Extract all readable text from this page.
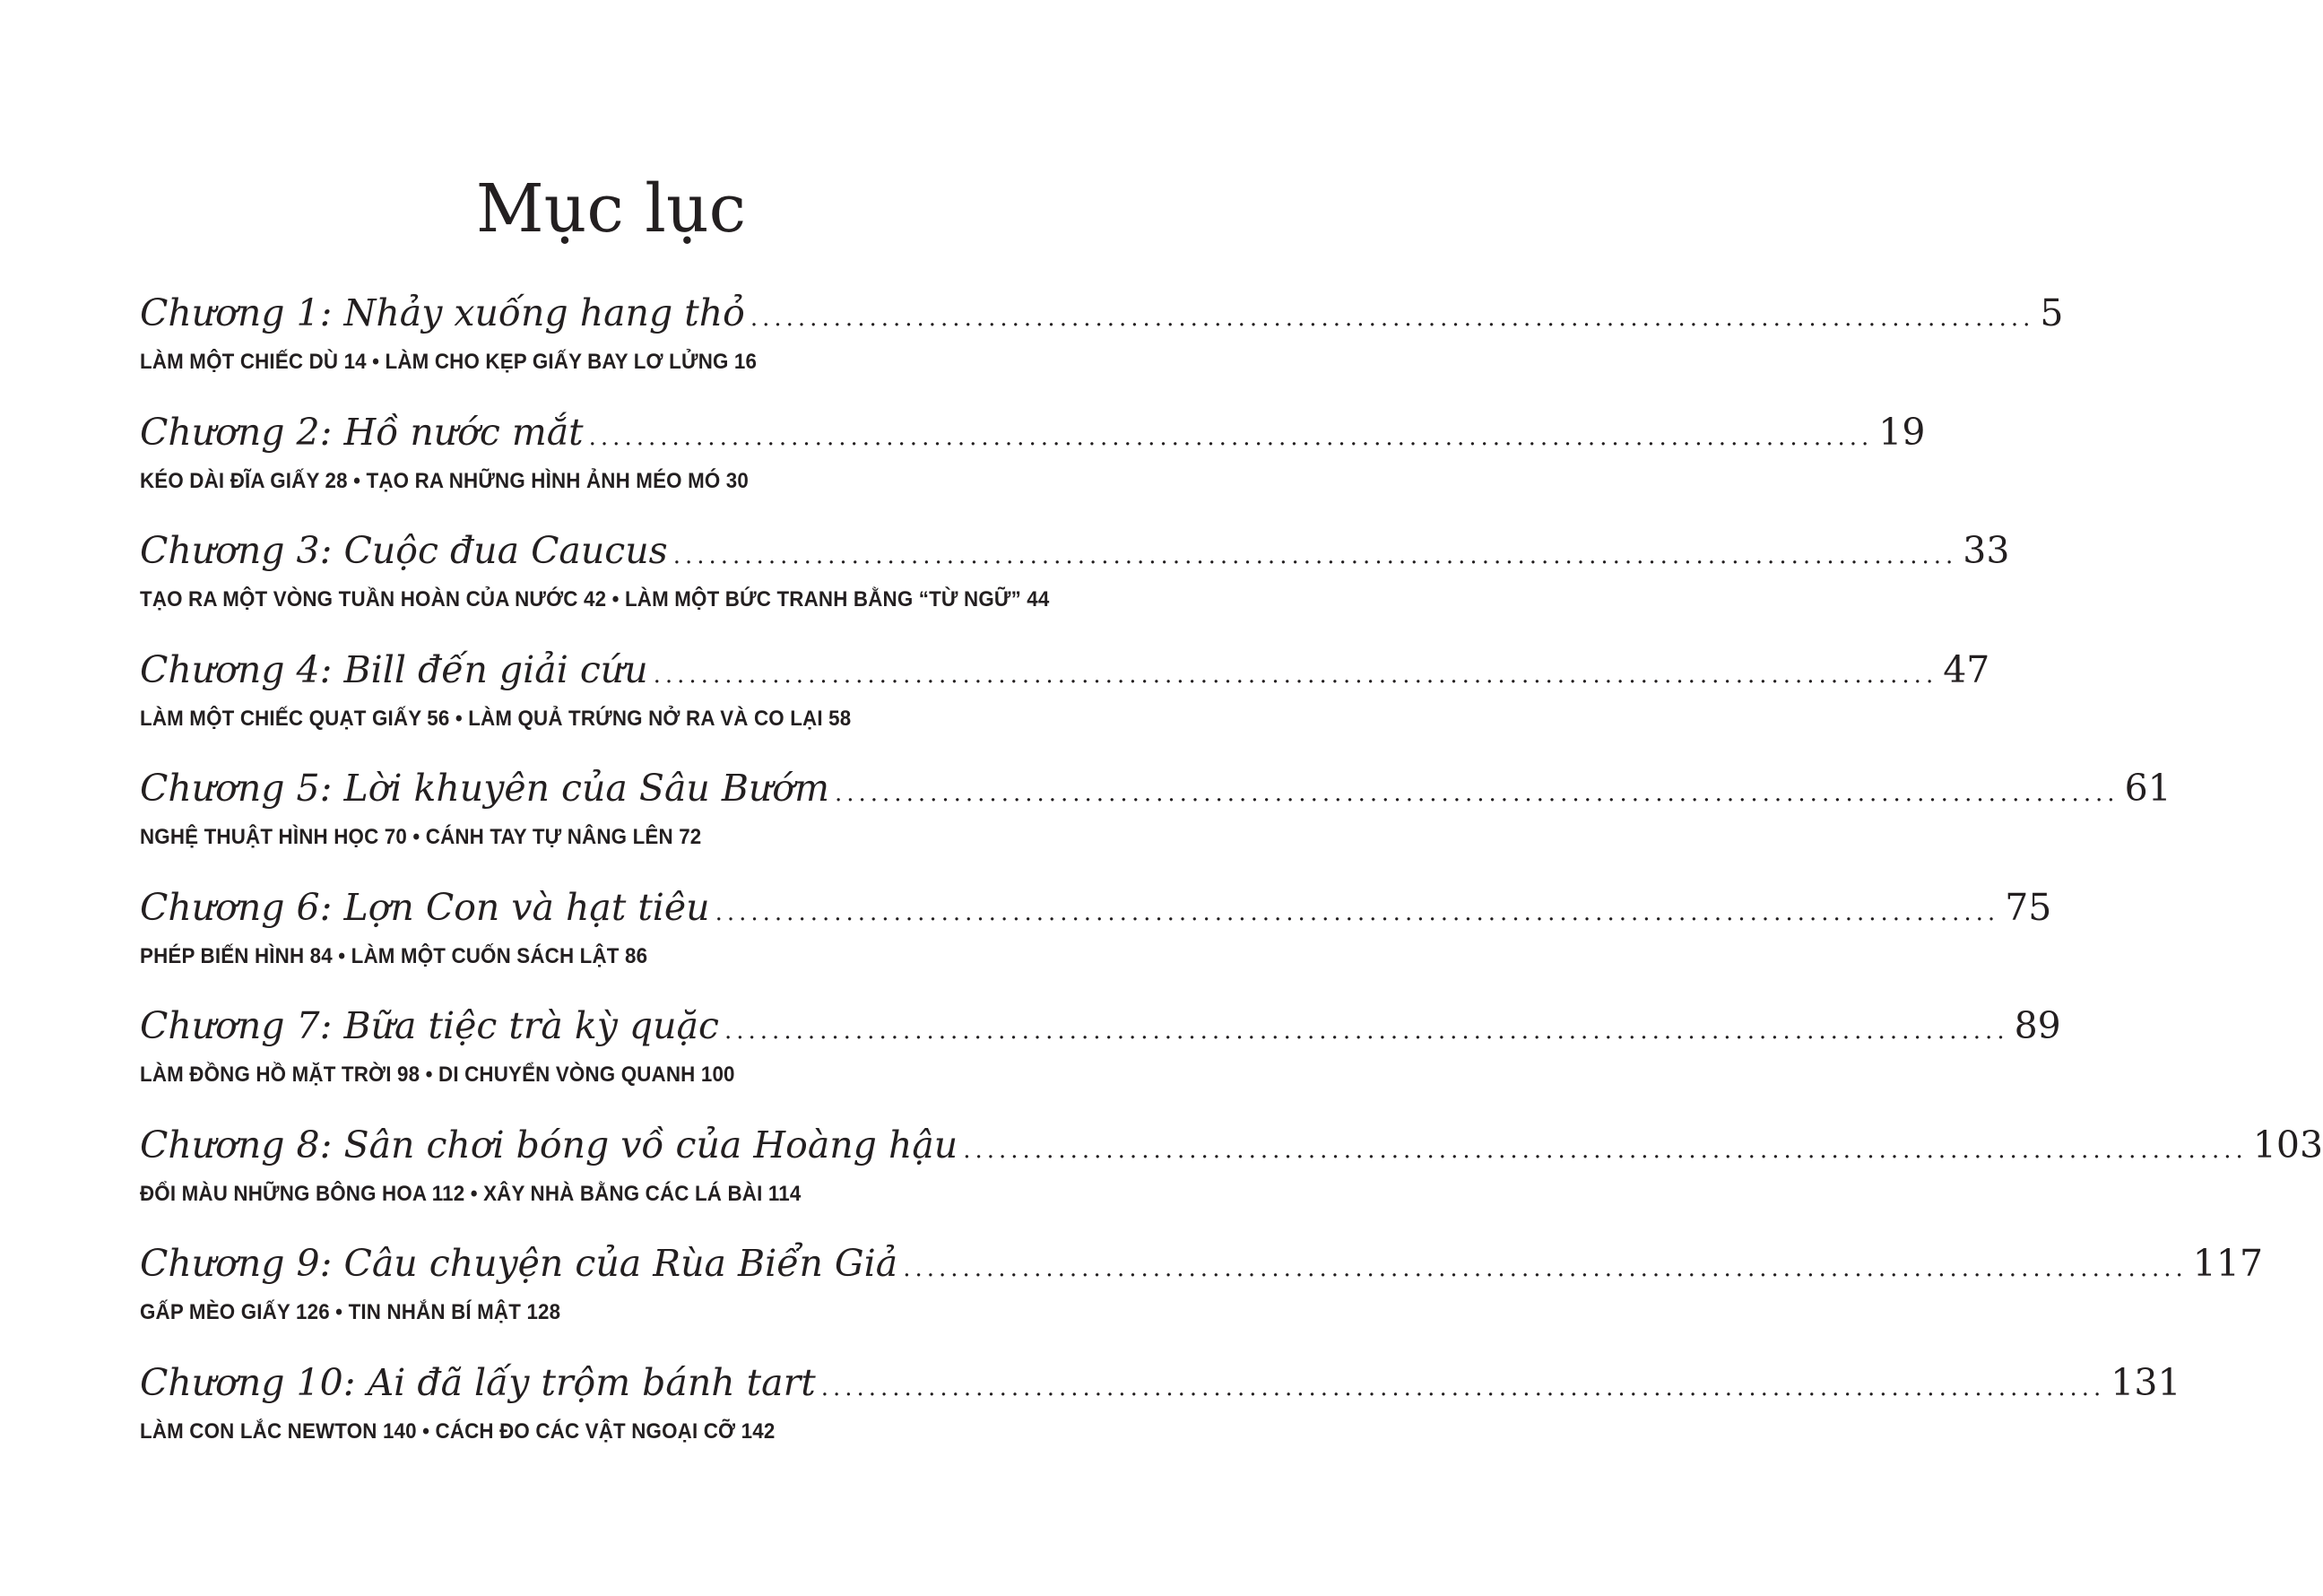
Mục lục
Chương 1: Nhảy xuống hang thỏ ............................................................................................................ 5
LÀM MỘT CHIẾC DÙ 14 • LÀM CHO KẸP GIẤY BAY LƠ LỬNG 16
Chương 2: Hồ nước mắt ............................................................................................................ 19
KÉO DÀI ĐĨA GIẤY 28 • TẠO RA NHỮNG HÌNH ẢNH MÉO MÓ 30
Chương 3: Cuộc đua Caucus ............................................................................................................ 33
TẠO RA MỘT VÒNG TUẦN HOÀN CỦA NƯỚC 42 • LÀM MỘT BỨC TRANH BẰNG “TỪ NGỮ” 44
Chương 4: Bill đến giải cứu ............................................................................................................ 47
LÀM MỘT CHIẾC QUẠT GIẤY 56 • LÀM QUẢ TRỨNG NỞ RA VÀ CO LẠI 58
Chương 5: Lời khuyên của Sâu Bướm ............................................................................................................ 61
NGHỆ THUẬT HÌNH HỌC 70 • CÁNH TAY TỰ NÂNG LÊN 72
Chương 6: Lợn Con và hạt tiêu ............................................................................................................ 75
PHÉP BIẾN HÌNH 84 • LÀM MỘT CUỐN SÁCH LẬT 86
Chương 7: Bữa tiệc trà kỳ quặc ............................................................................................................ 89
LÀM ĐỒNG HỒ MẶT TRỜI 98 • DI CHUYỂN VÒNG QUANH 100
Chương 8: Sân chơi bóng vồ của Hoàng hậu ............................................................................................................ 103
ĐỔI MÀU NHỮNG BÔNG HOA 112 • XÂY NHÀ BẰNG CÁC LÁ BÀI 114
Chương 9: Câu chuyện của Rùa Biển Giả ............................................................................................................ 117
GẤP MÈO GIẤY 126 • TIN NHẮN BÍ MẬT 128
Chương 10: Ai đã lấy trộm bánh tart ............................................................................................................ 131
LÀM CON LẮC NEWTON 140 • CÁCH ĐO CÁC VẬT NGOẠI CỠ 142
